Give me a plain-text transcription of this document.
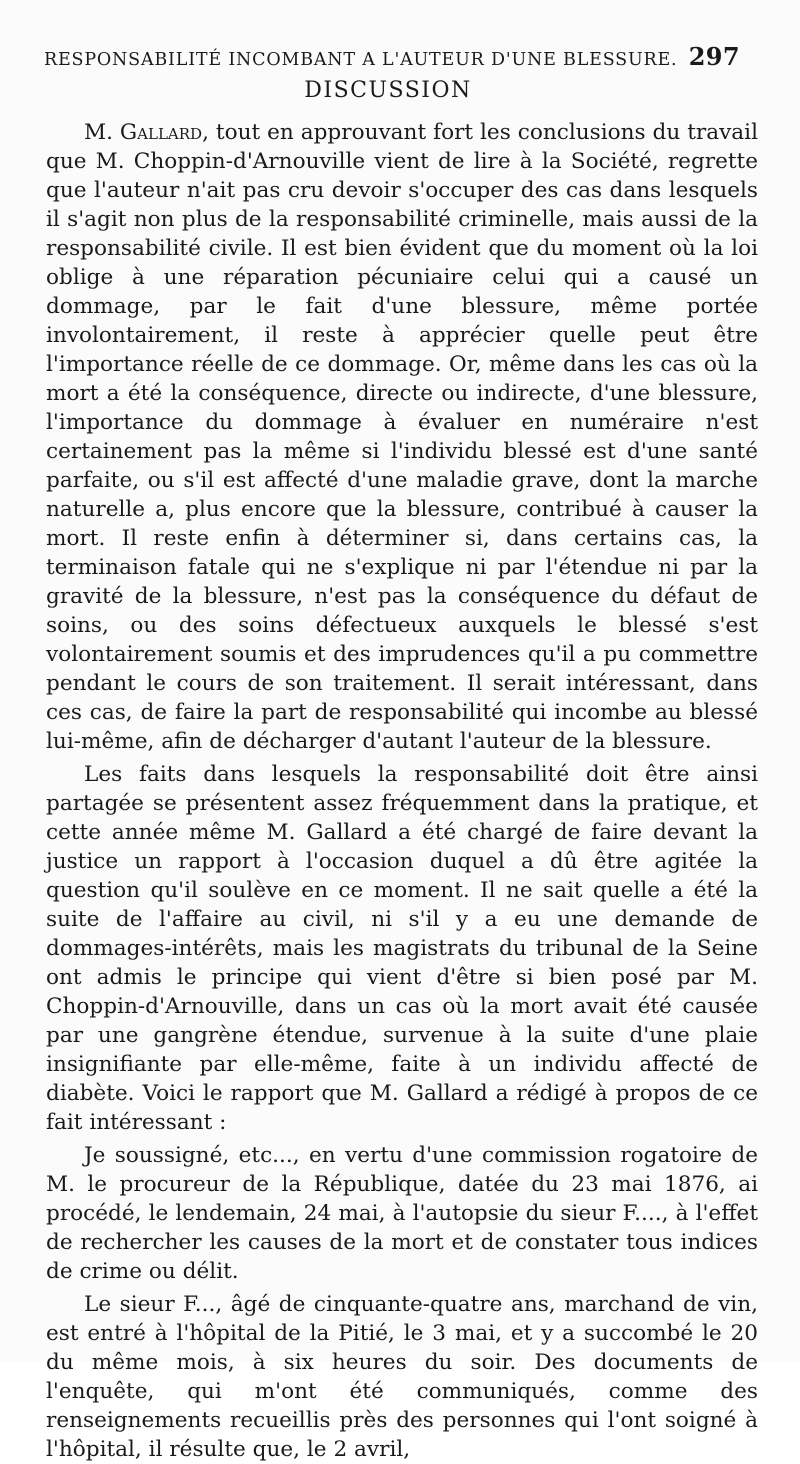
RESPONSABILITÉ INCOMBANT A L'AUTEUR D'UNE BLESSURE. 297
DISCUSSION

M. Gallard, tout en approuvant fort les conclusions du travail que M. Choppin-d'Arnouville vient de lire à la Société, regrette que l'auteur n'ait pas cru devoir s'occuper des cas dans lesquels il s'agit non plus de la responsabilité criminelle, mais aussi de la responsabilité civile. Il est bien évident que du moment où la loi oblige à une réparation pécuniaire celui qui a causé un dommage, par le fait d'une blessure, même portée involontairement, il reste à apprécier quelle peut être l'importance réelle de ce dommage. Or, même dans les cas où la mort a été la conséquence, directe ou indirecte, d'une blessure, l'importance du dommage à évaluer en numéraire n'est certainement pas la même si l'individu blessé est d'une santé parfaite, ou s'il est affecté d'une maladie grave, dont la marche naturelle a, plus encore que la blessure, contribué à causer la mort. Il reste enfin à déterminer si, dans certains cas, la terminaison fatale qui ne s'explique ni par l'étendue ni par la gravité de la blessure, n'est pas la conséquence du défaut de soins, ou des soins défectueux auxquels le blessé s'est volontairement soumis et des imprudences qu'il a pu commettre pendant le cours de son traitement. Il serait intéressant, dans ces cas, de faire la part de responsabilité qui incombe au blessé lui-même, afin de décharger d'autant l'auteur de la blessure.

Les faits dans lesquels la responsabilité doit être ainsi partagée se présentent assez fréquemment dans la pratique, et cette année même M. Gallard a été chargé de faire devant la justice un rapport à l'occasion duquel a dû être agitée la question qu'il soulève en ce moment. Il ne sait quelle a été la suite de l'affaire au civil, ni s'il y a eu une demande de dommages-intérêts, mais les magistrats du tribunal de la Seine ont admis le principe qui vient d'être si bien posé par M. Choppin-d'Arnouville, dans un cas où la mort avait été causée par une gangrène étendue, survenue à la suite d'une plaie insignifiante par elle-même, faite à un individu affecté de diabète. Voici le rapport que M. Gallard a rédigé à propos de ce fait intéressant :

Je soussigné, etc..., en vertu d'une commission rogatoire de M. le procureur de la République, datée du 23 mai 1876, ai procédé, le lendemain, 24 mai, à l'autopsie du sieur F...., à l'effet de rechercher les causes de la mort et de constater tous indices de crime ou délit.

Le sieur F..., âgé de cinquante-quatre ans, marchand de vin, est entré à l'hôpital de la Pitié, le 3 mai, et y a succombé le 20 du même mois, à six heures du soir. Des documents de l'enquête, qui m'ont été communiqués, comme des renseignements recueillis près des personnes qui l'ont soigné à l'hôpital, il résulte que, le 2 avril,
